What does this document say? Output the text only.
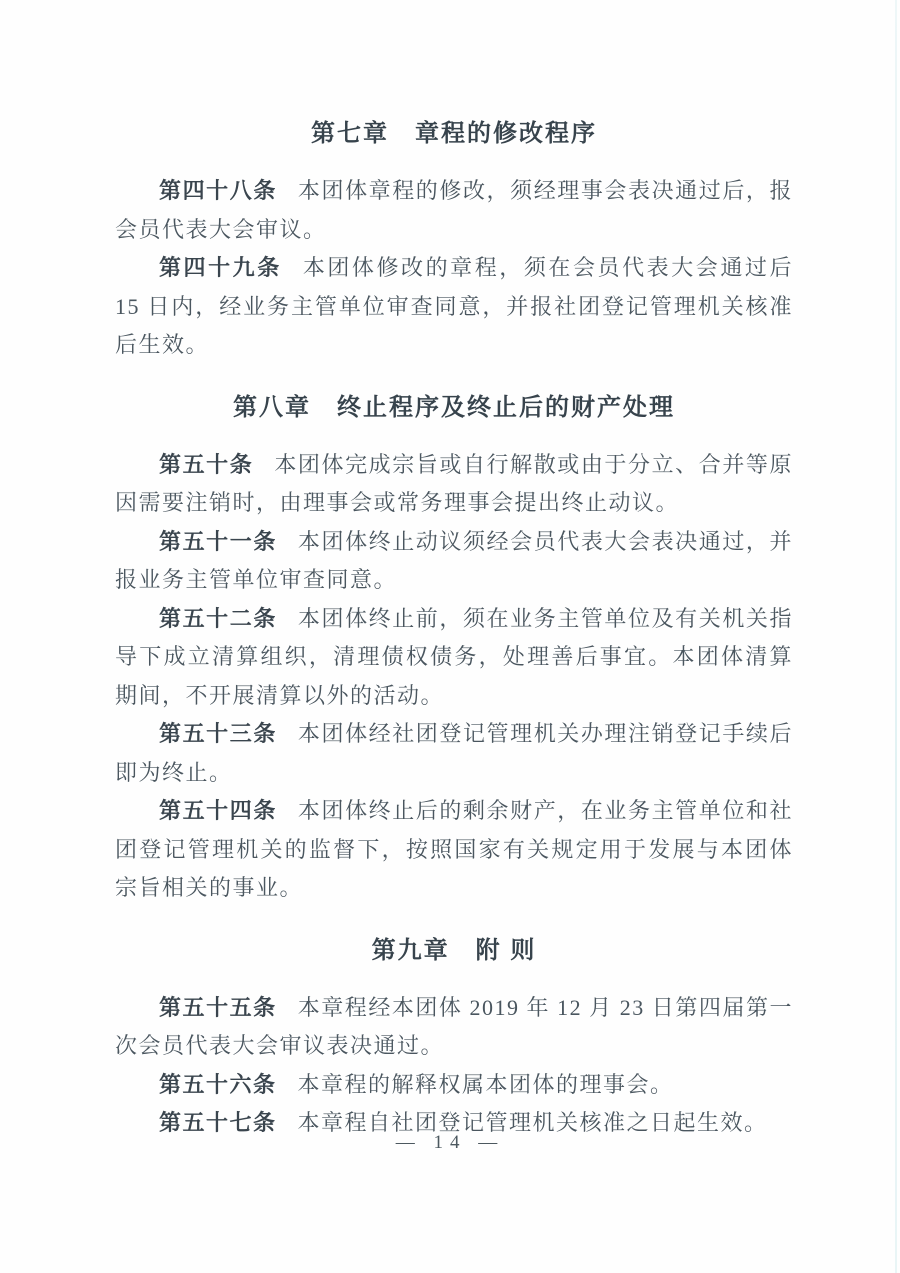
第七章　章程的修改程序

第四十八条 本团体章程的修改，须经理事会表决通过后，报会员代表大会审议。

第四十九条 本团体修改的章程，须在会员代表大会通过后 15 日内，经业务主管单位审查同意，并报社团登记管理机关核准后生效。

第八章　终止程序及终止后的财产处理

第五十条 本团体完成宗旨或自行解散或由于分立、合并等原因需要注销时，由理事会或常务理事会提出终止动议。

第五十一条 本团体终止动议须经会员代表大会表决通过，并报业务主管单位审查同意。

第五十二条 本团体终止前，须在业务主管单位及有关机关指导下成立清算组织，清理债权债务，处理善后事宜。本团体清算期间，不开展清算以外的活动。

第五十三条 本团体经社团登记管理机关办理注销登记手续后即为终止。

第五十四条 本团体终止后的剩余财产，在业务主管单位和社团登记管理机关的监督下，按照国家有关规定用于发展与本团体宗旨相关的事业。

第九章　附 则

第五十五条 本章程经本团体 2019 年 12 月 23 日第四届第一次会员代表大会审议表决通过。

第五十六条 本章程的解释权属本团体的理事会。

第五十七条 本章程自社团登记管理机关核准之日起生效。

— 14 —
